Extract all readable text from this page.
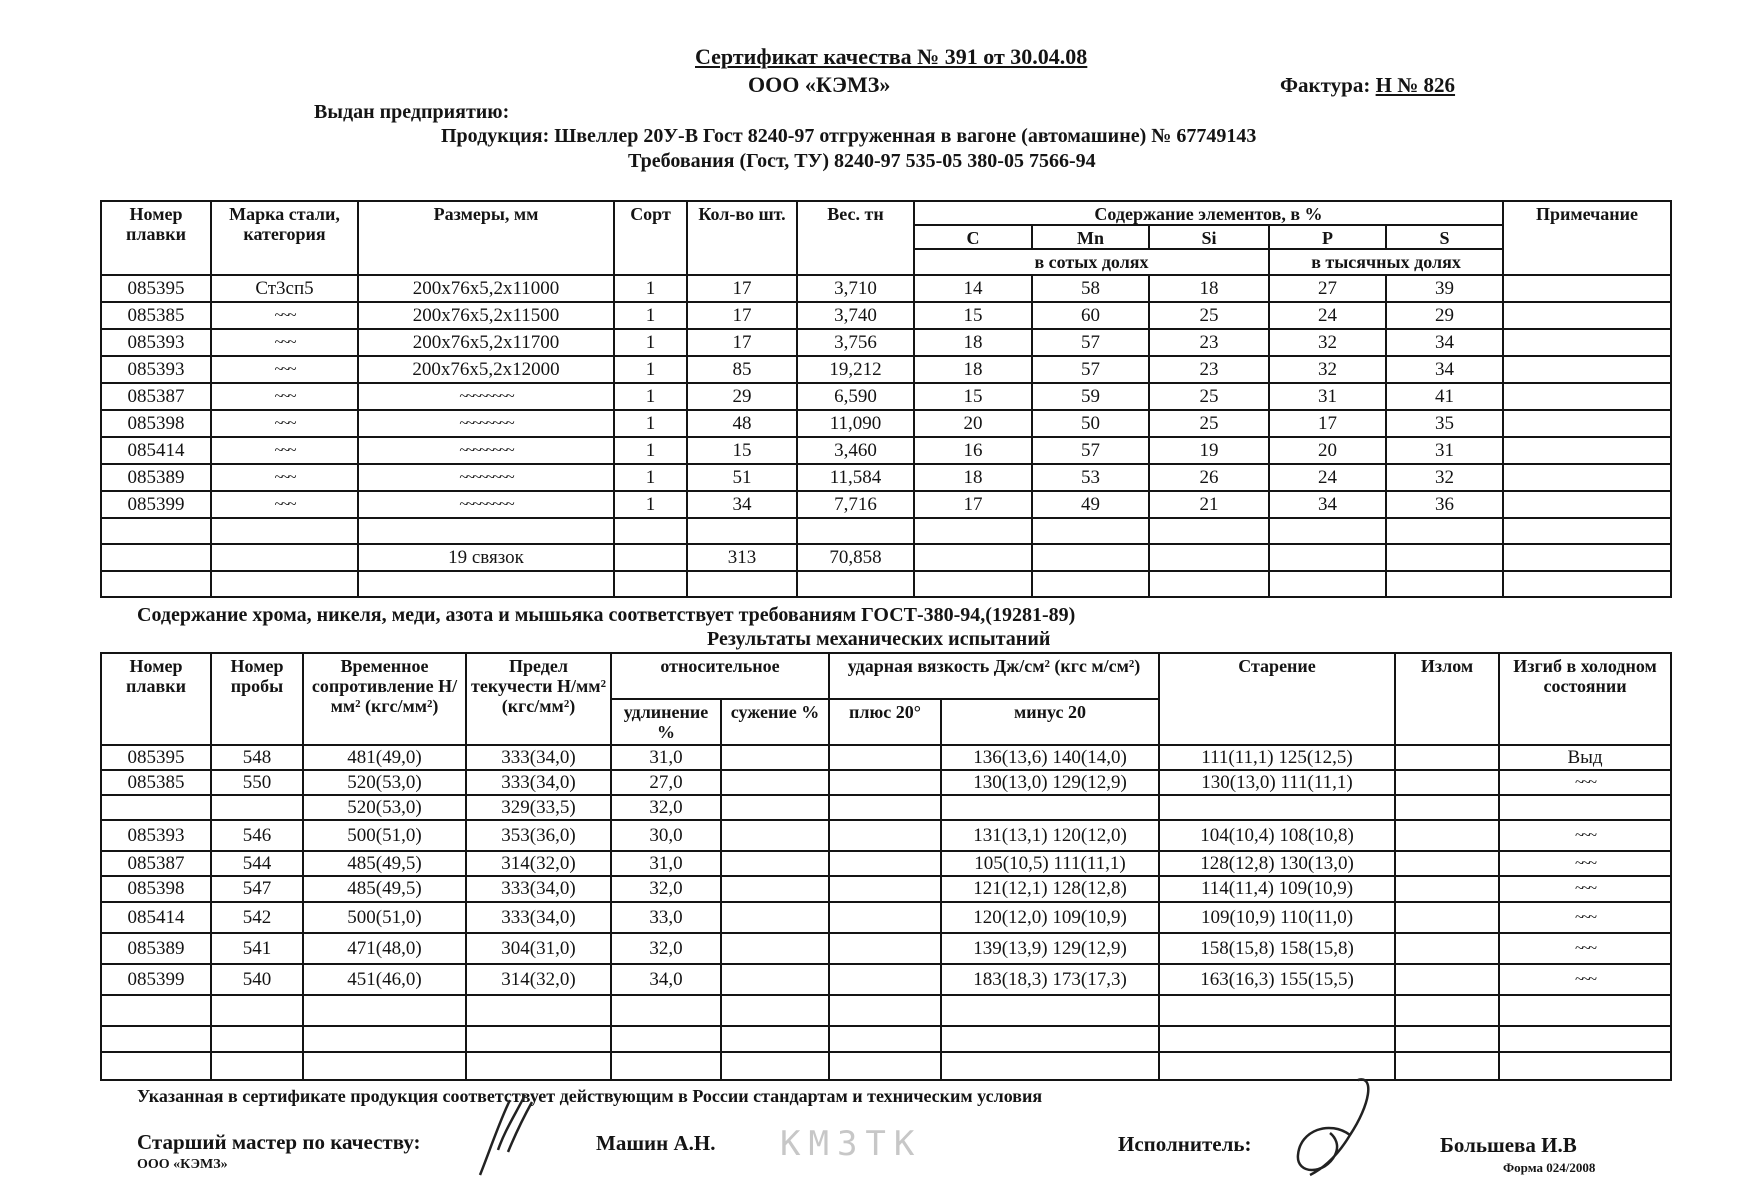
Сертификат качества № 391 от 30.04.08
ООО «КЭМЗ»	Фактура: Н № 826
Выдан предприятию:
Продукция: Швеллер 20У-В Гост 8240-97 отгруженная в вагоне (автомашине) № 67749143
Требования (Гост, ТУ) 8240-97 535-05 380-05 7566-94
Номер плавки	Марка стали, категория	Размеры, мм	Сорт	Кол-во шт.	Вес. тн	Содержание элементов, в %					Примечание
						C	Mn	Si	P	S	
						в сотых долях			в тысячных долях		
085395	Ст3сп5	200x76x5,2x11000	1	17	3,710	14	58	18	27	39	
085385	~~~	200x76x5,2x11500	1	17	3,740	15	60	25	24	29	
085393	~~~	200x76x5,2x11700	1	17	3,756	18	57	23	32	34	
085393	~~~	200x76x5,2x12000	1	85	19,212	18	57	23	32	34	
085387	~~~	~~~~~~~~	1	29	6,590	15	59	25	31	41	
085398	~~~	~~~~~~~~	1	48	11,090	20	50	25	17	35	
085414	~~~	~~~~~~~~	1	15	3,460	16	57	19	20	31	
085389	~~~	~~~~~~~~	1	51	11,584	18	53	26	24	32	
085399	~~~	~~~~~~~~	1	34	7,716	17	49	21	34	36	

		19 связок		313	70,858						

Содержание хрома, никеля, меди, азота и мышьяка соответствует требованиям ГОСТ-380-94,(19281-89)
Результаты механических испытаний
Номер плавки	Номер пробы	Временное сопротивление Н/мм² (кгс/мм²)	Предел текучести Н/мм² (кгс/мм²)	относительное		ударная вязкость Дж/см² (кгс м/см²)		Старение	Излом	Изгиб в холодном состоянии
				удлинение %	сужение %	плюс 20°	минус 20			
085395	548	481(49,0)	333(34,0)	31,0			136(13,6) 140(14,0)	111(11,1) 125(12,5)		Выд
085385	550	520(53,0)	333(34,0)	27,0			130(13,0) 129(12,9)	130(13,0) 111(11,1)		~~~
		520(53,0)	329(33,5)	32,0						
085393	546	500(51,0)	353(36,0)	30,0			131(13,1) 120(12,0)	104(10,4) 108(10,8)		~~~
085387	544	485(49,5)	314(32,0)	31,0			105(10,5) 111(11,1)	128(12,8) 130(13,0)		~~~
085398	547	485(49,5)	333(34,0)	32,0			121(12,1) 128(12,8)	114(11,4) 109(10,9)		~~~
085414	542	500(51,0)	333(34,0)	33,0			120(12,0) 109(10,9)	109(10,9) 110(11,0)		~~~
085389	541	471(48,0)	304(31,0)	32,0			139(13,9) 129(12,9)	158(15,8) 158(15,8)		~~~
085399	540	451(46,0)	314(32,0)	34,0			183(18,3) 173(17,3)	163(16,3) 155(15,5)		~~~

Указанная в сертификате продукция соответствует действующим в России стандартам и техническим условия
Старший мастер по качеству:
ООО «КЭМЗ»
Машин А.Н. КМЗТК	Исполнитель:	Большева И.В
Форма 024/2008
